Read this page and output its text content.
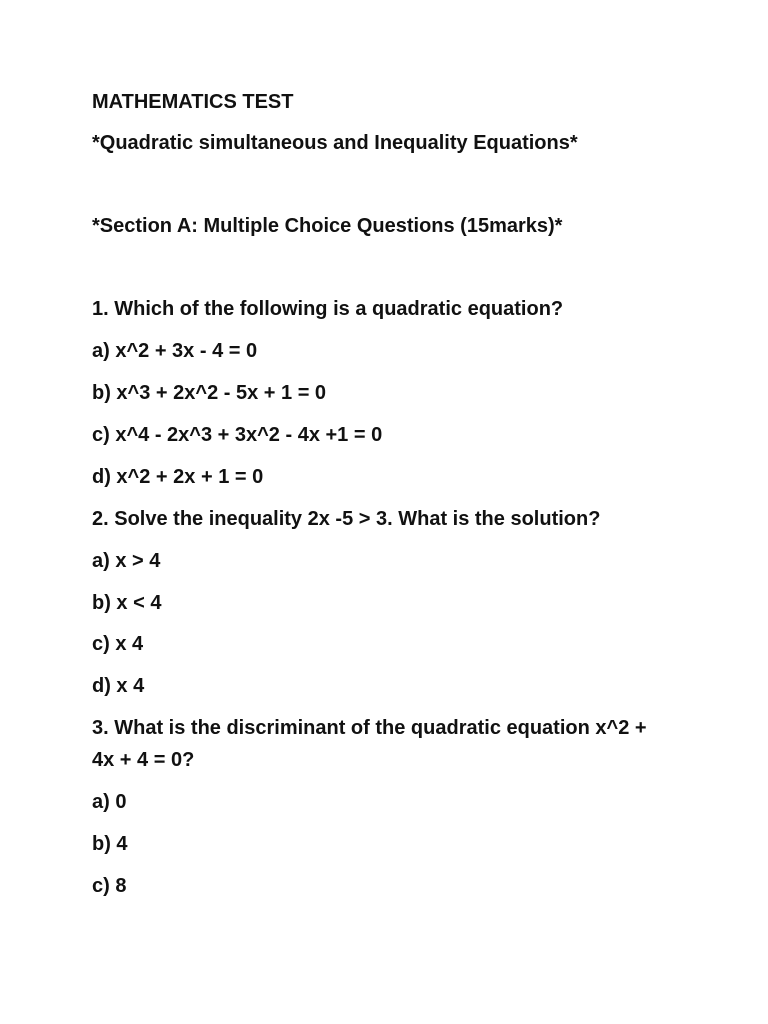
MATHEMATICS TEST

*Quadratic simultaneous and Inequality Equations*

*Section A: Multiple Choice Questions (15marks)*

1. Which of the following is a quadratic equation?

a) x^2 + 3x - 4 = 0

b) x^3 + 2x^2 - 5x + 1 = 0

c) x^4 - 2x^3 + 3x^2 - 4x +1 = 0

d) x^2 + 2x + 1 = 0

2. Solve the inequality 2x -5 > 3. What is the solution?

a) x > 4

b) x < 4

c) x 4

d) x 4

3. What is the discriminant of the quadratic equation x^2 + 4x + 4 = 0?

a) 0

b) 4

c) 8
